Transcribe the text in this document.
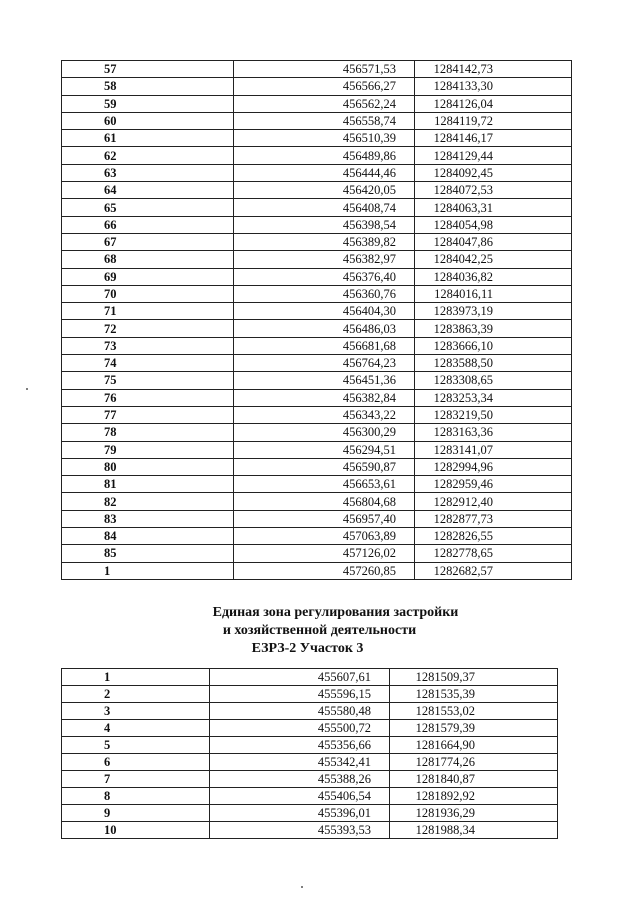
57	456571,53	1284142,73
58	456566,27	1284133,30
59	456562,24	1284126,04
60	456558,74	1284119,72
61	456510,39	1284146,17
62	456489,86	1284129,44
63	456444,46	1284092,45
64	456420,05	1284072,53
65	456408,74	1284063,31
66	456398,54	1284054,98
67	456389,82	1284047,86
68	456382,97	1284042,25
69	456376,40	1284036,82
70	456360,76	1284016,11
71	456404,30	1283973,19
72	456486,03	1283863,39
73	456681,68	1283666,10
74	456764,23	1283588,50
75	456451,36	1283308,65
76	456382,84	1283253,34
77	456343,22	1283219,50
78	456300,29	1283163,36
79	456294,51	1283141,07
80	456590,87	1282994,96
81	456653,61	1282959,46
82	456804,68	1282912,40
83	456957,40	1282877,73
84	457063,89	1282826,55
85	457126,02	1282778,65
1	457260,85	1282682,57
Единая зона регулирования застройки
и хозяйственной деятельности
ЕЗРЗ-2 Участок 3
1	455607,61	1281509,37
2	455596,15	1281535,39
3	455580,48	1281553,02
4	455500,72	1281579,39
5	455356,66	1281664,90
6	455342,41	1281774,26
7	455388,26	1281840,87
8	455406,54	1281892,92
9	455396,01	1281936,29
10	455393,53	1281988,34
